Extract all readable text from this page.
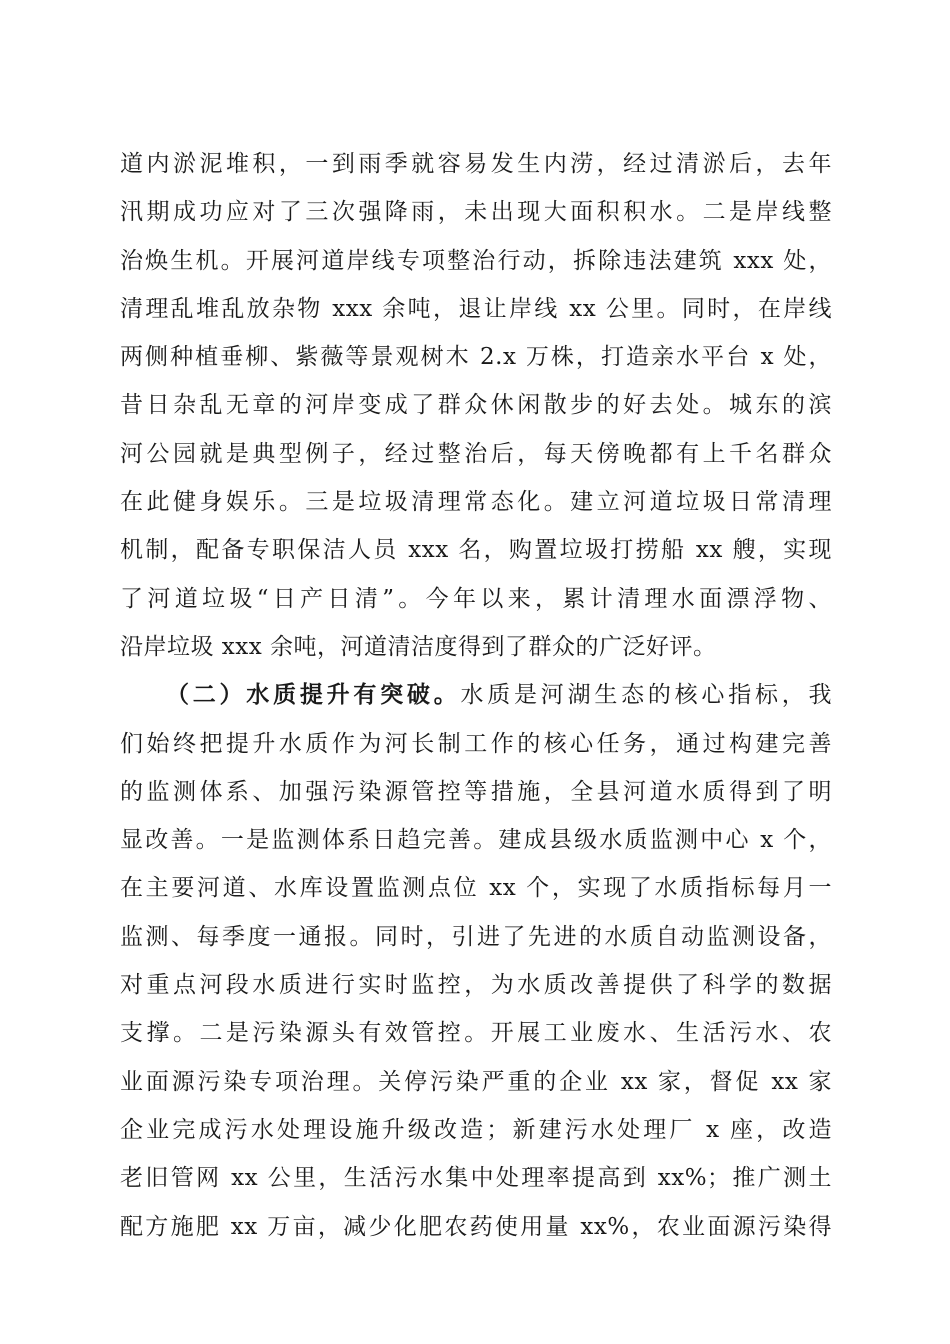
道内淤泥堆积，一到雨季就容易发生内涝，经过清淤后，去年
汛期成功应对了三次强降雨，未出现大面积积水。二是岸线整
治焕生机。开展河道岸线专项整治行动，拆除违法建筑 xxx 处，
清理乱堆乱放杂物 xxx 余吨，退让岸线 xx 公里。同时，在岸线
两侧种植垂柳、紫薇等景观树木 2.x 万株，打造亲水平台 x 处，
昔日杂乱无章的河岸变成了群众休闲散步的好去处。城东的滨
河公园就是典型例子，经过整治后，每天傍晚都有上千名群众
在此健身娱乐。三是垃圾清理常态化。建立河道垃圾日常清理
机制，配备专职保洁人员 xxx 名，购置垃圾打捞船 xx 艘，实现
了河道垃圾“日产日清”。今年以来，累计清理水面漂浮物、
沿岸垃圾 xxx 余吨，河道清洁度得到了群众的广泛好评。
（二）水质提升有突破。水质是河湖生态的核心指标，我
们始终把提升水质作为河长制工作的核心任务，通过构建完善
的监测体系、加强污染源管控等措施，全县河道水质得到了明
显改善。一是监测体系日趋完善。建成县级水质监测中心 x 个，
在主要河道、水库设置监测点位 xx 个，实现了水质指标每月一
监测、每季度一通报。同时，引进了先进的水质自动监测设备，
对重点河段水质进行实时监控，为水质改善提供了科学的数据
支撑。二是污染源头有效管控。开展工业废水、生活污水、农
业面源污染专项治理。关停污染严重的企业 xx 家，督促 xx 家
企业完成污水处理设施升级改造；新建污水处理厂 x 座，改造
老旧管网 xx 公里，生活污水集中处理率提高到 xx%；推广测土
配方施肥 xx 万亩，减少化肥农药使用量 xx%，农业面源污染得
